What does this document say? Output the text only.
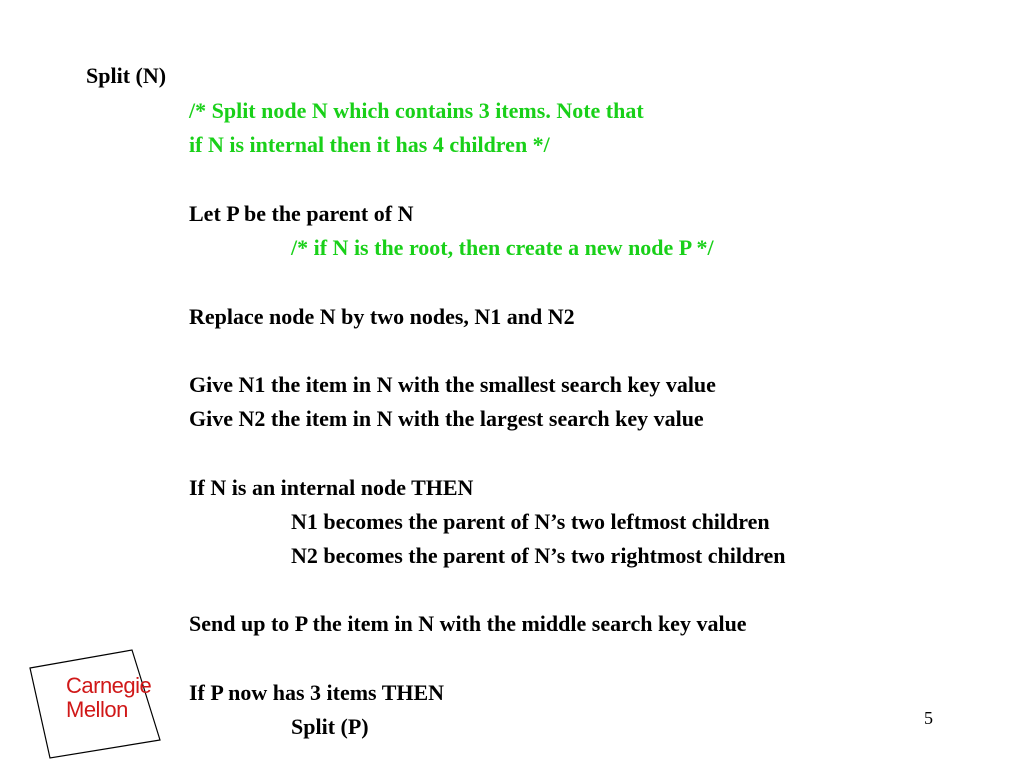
Split (N)
/* Split node N which contains 3 items. Note that
if N is internal then it has 4 children */
Let P be the parent of N
/* if N is the root, then create a new node P */
Replace node N by two nodes, N1 and N2
Give N1 the item in N with the smallest search key value
Give N2 the item in N with the largest search key value
If N is an internal node THEN
N1 becomes the parent of N’s two leftmost children
N2 becomes the parent of N’s two rightmost children
Send up to P the item in N with the middle search key value
If P now has 3 items THEN
Split (P)
Carnegie
Mellon	5
